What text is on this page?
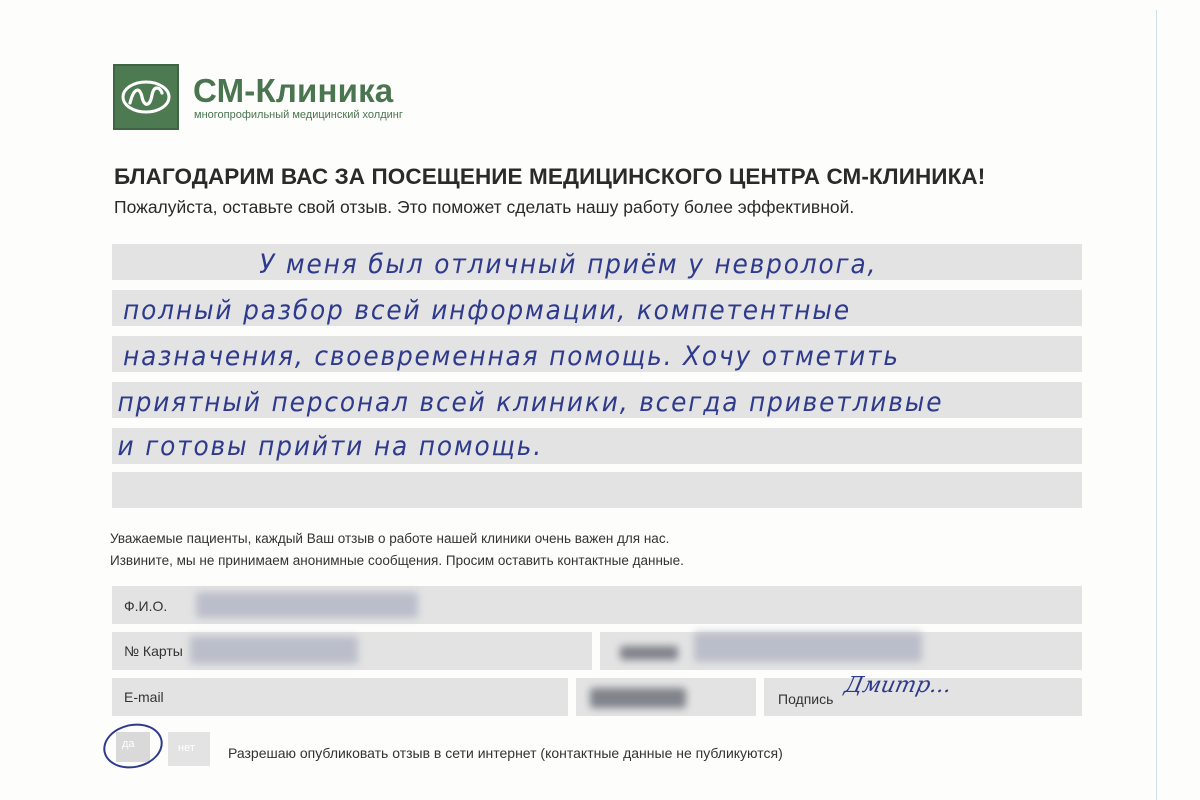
СМ-Клиника
многопрофильный медицинский холдинг
БЛАГОДАРИМ ВАС ЗА ПОСЕЩЕНИЕ МЕДИЦИНСКОГО ЦЕНТРА СМ-КЛИНИКА!
Пожалуйста, оставьте свой отзыв. Это поможет сделать нашу работу более эффективной.
У меня был отличный приём у невролога,
полный разбор всей информации, компетентные
назначения, своевременная помощь. Хочу отметить
приятный персонал всей клиники, всегда приветливые
и готовы прийти на помощь.
Уважаемые пациенты, каждый Ваш отзыв о работе нашей клиники очень важен для нас.
Извините, мы не принимаем анонимные сообщения. Просим оставить контактные данные.
Ф.И.О.
№ Карты
E-mail	Подпись
Дмитр...
да	нет Разрешаю опубликовать отзыв в сети интернет (контактные данные не публикуются)
